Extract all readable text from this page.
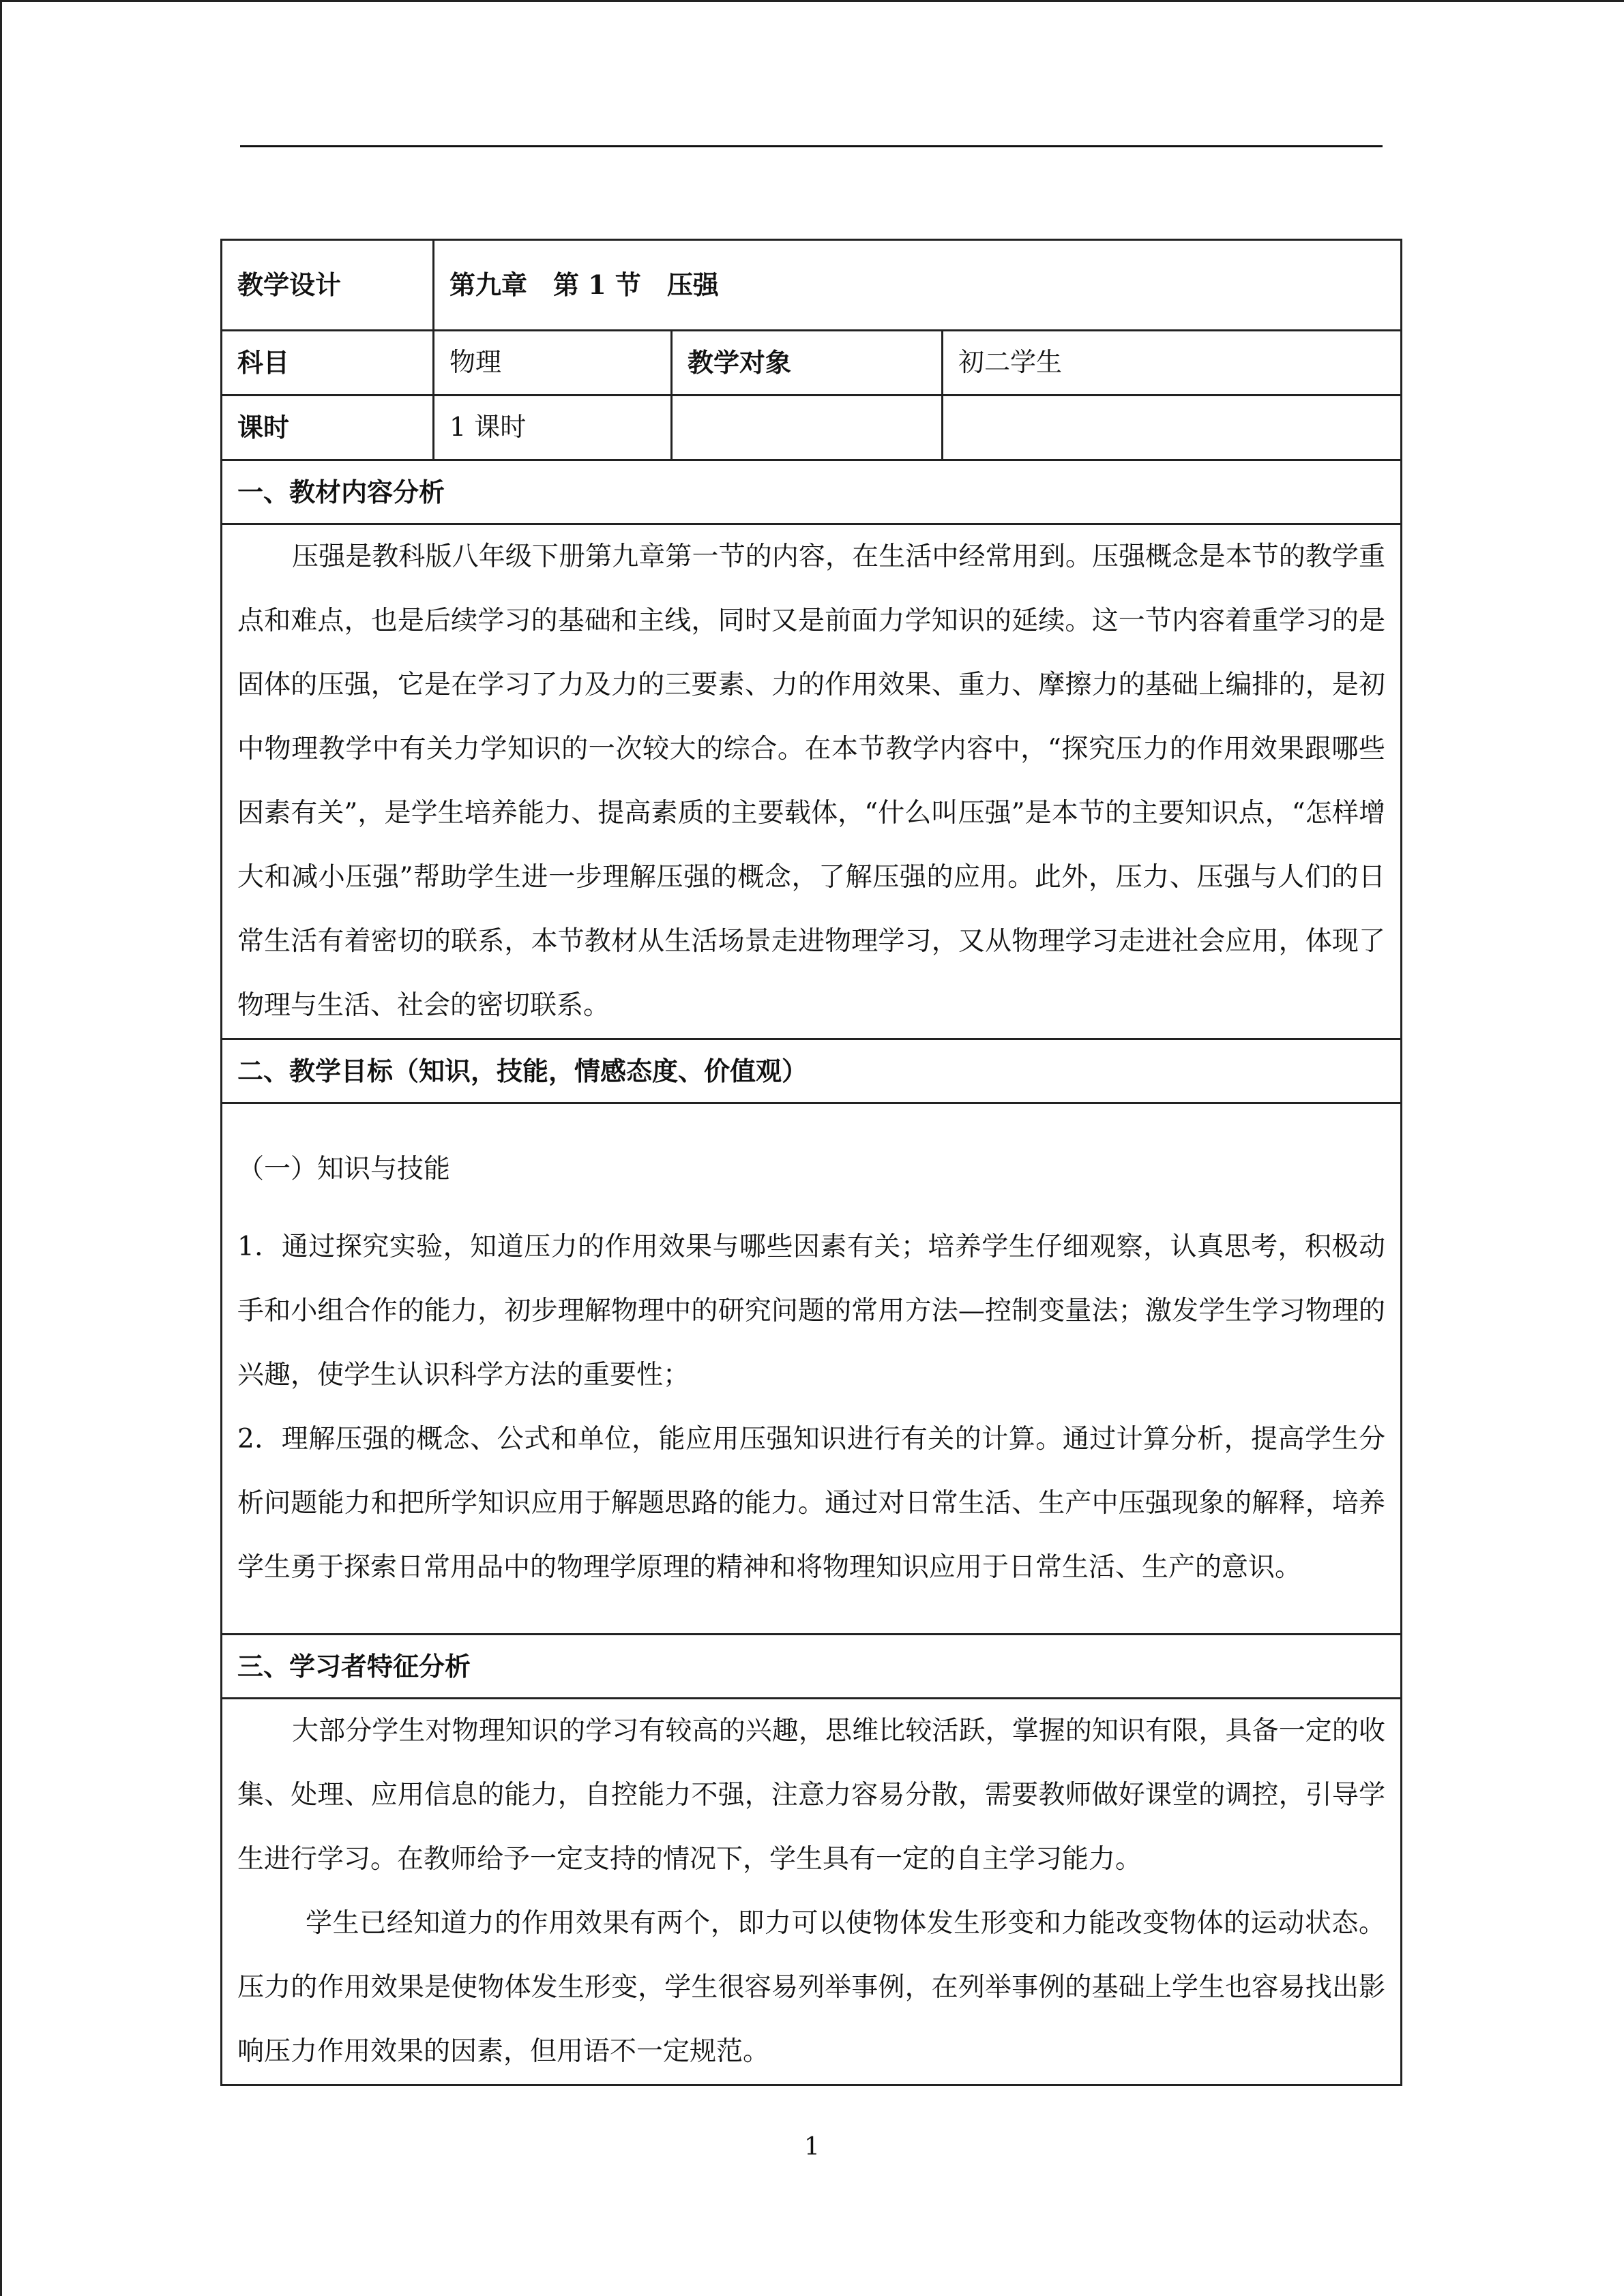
教学设计	第九章　第 1 节　压强		
科目	物理	教学对象	初二学生
课时	1 课时		
一、教材内容分析			

压强是教科版八年级下册第九章第一节的内容，在生活中经常用到。压强概念是本节的教学重点和难点，也是后续学习的基础和主线，同时又是前面力学知识的延续。这一节内容着重学习的是固体的压强，它是在学习了力及力的三要素、力的作用效果、重力、摩擦力的基础上编排的，是初中物理教学中有关力学知识的一次较大的综合。在本节教学内容中，“探究压力的作用效果跟哪些因素有关”，是学生培养能力、提高素质的主要载体，“什么叫压强”是本节的主要知识点，“怎样增大和减小压强”帮助学生进一步理解压强的概念，了解压强的应用。此外，压力、压强与人们的日常生活有着密切的联系，本节教材从生活场景走进物理学习，又从物理学习走进社会应用，体现了物理与生活、社会的密切联系。			

二、教学目标（知识，技能，情感态度、价值观）			

（一）知识与技能

1．通过探究实验，知道压力的作用效果与哪些因素有关；培养学生仔细观察，认真思考，积极动手和小组合作的能力，初步理解物理中的研究问题的常用方法—控制变量法；激发学生学习物理的兴趣，使学生认识科学方法的重要性；

2．理解压强的概念、公式和单位，能应用压强知识进行有关的计算。通过计算分析，提高学生分析问题能力和把所学知识应用于解题思路的能力。通过对日常生活、生产中压强现象的解释，培养学生勇于探索日常用品中的物理学原理的精神和将物理知识应用于日常生活、生产的意识。			

三、学习者特征分析			

大部分学生对物理知识的学习有较高的兴趣，思维比较活跃，掌握的知识有限，具备一定的收集、处理、应用信息的能力，自控能力不强，注意力容易分散，需要教师做好课堂的调控，引导学生进行学习。在教师给予一定支持的情况下，学生具有一定的自主学习能力。

学生已经知道力的作用效果有两个，即力可以使物体发生形变和力能改变物体的运动状态。压力的作用效果是使物体发生形变，学生很容易列举事例，在列举事例的基础上学生也容易找出影响压力作用效果的因素，但用语不一定规范。			

1
